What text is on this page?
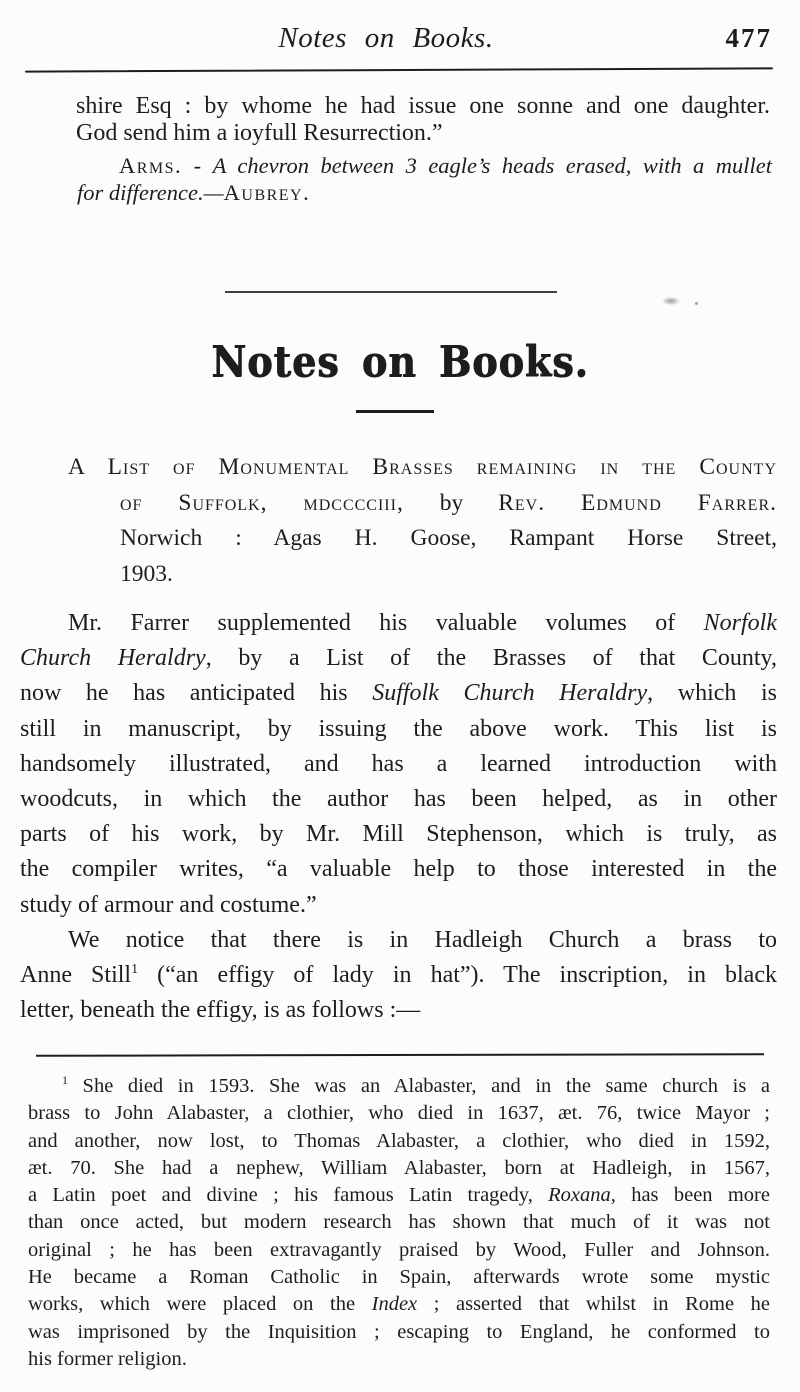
Notes on Books.	477
shire Esq : by whome he had issue one sonne and one daughter.
God send him a ioyfull Resurrection.”
Arms. - A chevron between 3 eagle’s heads erased, with a mullet
for difference.—Aubrey.
Notes on Books.
A List of Monumental Brasses remaining in the County
of Suffolk, mdcccciii, by Rev. Edmund Farrer.
Norwich : Agas H. Goose, Rampant Horse Street,
1903.
Mr. Farrer supplemented his valuable volumes of Norfolk
Church Heraldry, by a List of the Brasses of that County,
now he has anticipated his Suffolk Church Heraldry, which is
still in manuscript, by issuing the above work. This list is
handsomely illustrated, and has a learned introduction with
woodcuts, in which the author has been helped, as in other
parts of his work, by Mr. Mill Stephenson, which is truly, as
the compiler writes, “a valuable help to those interested in the
study of armour and costume.”
We notice that there is in Hadleigh Church a brass to
Anne Still$^1$ (“an effigy of lady in hat”). The inscription, in black
letter, beneath the effigy, is as follows :—
$^1$ She died in 1593. She was an Alabaster, and in the same church is a
brass to John Alabaster, a clothier, who died in 1637, æt. 76, twice Mayor ;
and another, now lost, to Thomas Alabaster, a clothier, who died in 1592,
æt. 70. She had a nephew, William Alabaster, born at Hadleigh, in 1567,
a Latin poet and divine ; his famous Latin tragedy, Roxana, has been more
than once acted, but modern research has shown that much of it was not
original ; he has been extravagantly praised by Wood, Fuller and Johnson.
He became a Roman Catholic in Spain, afterwards wrote some mystic
works, which were placed on the Index ; asserted that whilst in Rome he
was imprisoned by the Inquisition ; escaping to England, he conformed to
his former religion.
